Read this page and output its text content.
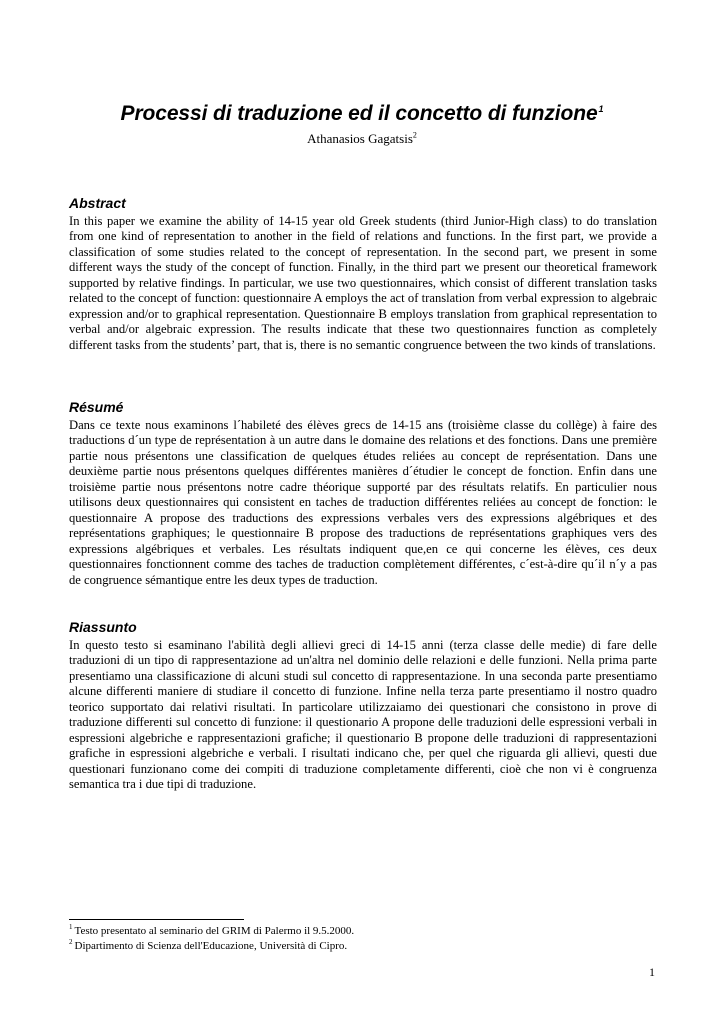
Processi di traduzione ed il concetto di funzione$^1$
Athanasios Gagatsis$^2$
Abstract

In this paper we examine the ability of 14-15 year old Greek students (third Junior-High class) to do translation from one kind of representation to another in the field of relations and functions. In the first part, we provide a classification of some studies related to the concept of representation. In the second part, we present in some different ways the study of the concept of function. Finally, in the third part we present our theoretical framework supported by relative findings. In particular, we use two questionnaires, which consist of different translation tasks related to the concept of function: questionnaire A employs the act of translation from verbal expression to algebraic expression and/or to graphical representation. Questionnaire B employs translation from graphical representation to verbal and/or algebraic expression. The results indicate that these two questionnaires function as completely different tasks from the students’ part, that is, there is no semantic congruence between the two kinds of translations.

Résumé

Dans ce texte nous examinons l´habileté des élèves grecs de 14-15 ans (troisième classe du collège) à faire des traductions d´un type de représentation à un autre dans le domaine des relations et des fonctions. Dans une première partie nous présentons une classification de quelques études reliées au concept de représentation. Dans une deuxième partie nous présentons quelques différentes manières d´étudier le concept de fonction. Enfin dans une troisième partie nous présentons notre cadre théorique supporté par des résultats relatifs. En particulier nous utilisons deux questionnaires qui consistent en taches de traduction différentes reliées au concept de fonction: le questionnaire A propose des traductions des expressions verbales vers des expressions algébriques et des représentations graphiques; le questionnaire B propose des traductions de représentations graphiques vers des expressions algébriques et verbales. Les résultats indiquent que,en ce qui concerne les élèves, ces deux questionnaires fonctionnent comme des taches de traduction complètement différentes, c´est-à-dire qu´il n´y a pas de congruence sémantique entre les deux types de traduction.

Riassunto

In questo testo si esaminano l'abilità degli allievi greci di 14-15 anni (terza classe delle medie) di fare delle traduzioni di un tipo di rappresentazione ad un'altra nel dominio delle relazioni e delle funzioni. Nella prima parte presentiamo una classificazione di alcuni studi sul concetto di rappresentazione. In una seconda parte presentiamo alcune differenti maniere di studiare il concetto di funzione. Infine nella terza parte presentiamo il nostro quadro teorico supportato dai relativi risultati. In particolare utilizzaiamo dei questionari che consistono in prove di traduzione differenti sul concetto di funzione: il questionario A propone delle traduzioni delle espressioni verbali in espressioni algebriche e rappresentazioni grafiche; il questionario B propone delle traduzioni di rappresentazioni grafiche in espressioni algebriche e verbali. I risultati indicano che, per quel che riguarda gli allievi, questi due questionari funzionano come dei compiti di traduzione completamente differenti, cioè che non vi è congruenza semantica tra i due tipi di traduzione.

$^1$ Testo presentato al seminario del GRIM di Palermo il 9.5.2000.
$^2$ Dipartimento di Scienza dell'Educazione, Università di Cipro.
1
